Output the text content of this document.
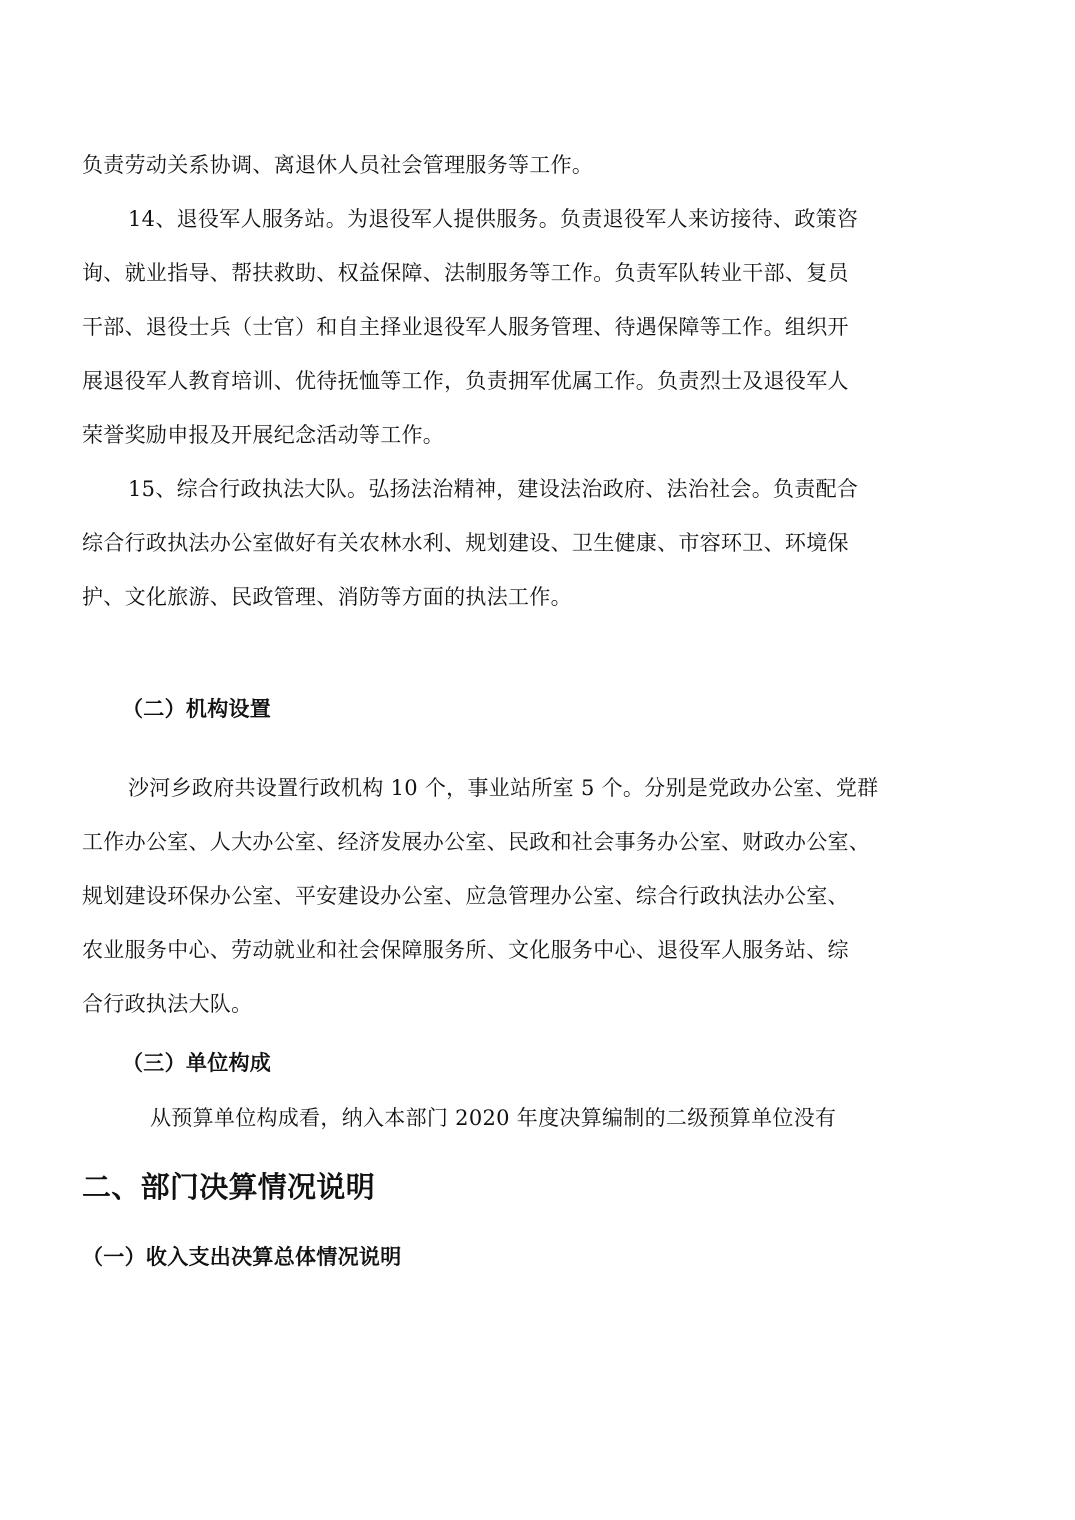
负责劳动关系协调、离退休人员社会管理服务等工作。
14、退役军人服务站。为退役军人提供服务。负责退役军人来访接待、政策咨
询、就业指导、帮扶救助、权益保障、法制服务等工作。负责军队转业干部、复员
干部、退役士兵（士官）和自主择业退役军人服务管理、待遇保障等工作。组织开
展退役军人教育培训、优待抚恤等工作，负责拥军优属工作。负责烈士及退役军人
荣誉奖励申报及开展纪念活动等工作。
15、综合行政执法大队。弘扬法治精神，建设法治政府、法治社会。负责配合
综合行政执法办公室做好有关农林水利、规划建设、卫生健康、市容环卫、环境保
护、文化旅游、民政管理、消防等方面的执法工作。
（二）机构设置
沙河乡政府共设置行政机构 10 个，事业站所室 5 个。分别是党政办公室、党群
工作办公室、人大办公室、经济发展办公室、民政和社会事务办公室、财政办公室、
规划建设环保办公室、平安建设办公室、应急管理办公室、综合行政执法办公室、
农业服务中心、劳动就业和社会保障服务所、文化服务中心、退役军人服务站、综
合行政执法大队。
（三）单位构成
从预算单位构成看，纳入本部门 2020 年度决算编制的二级预算单位没有
二、部门决算情况说明
（一）收入支出决算总体情况说明
